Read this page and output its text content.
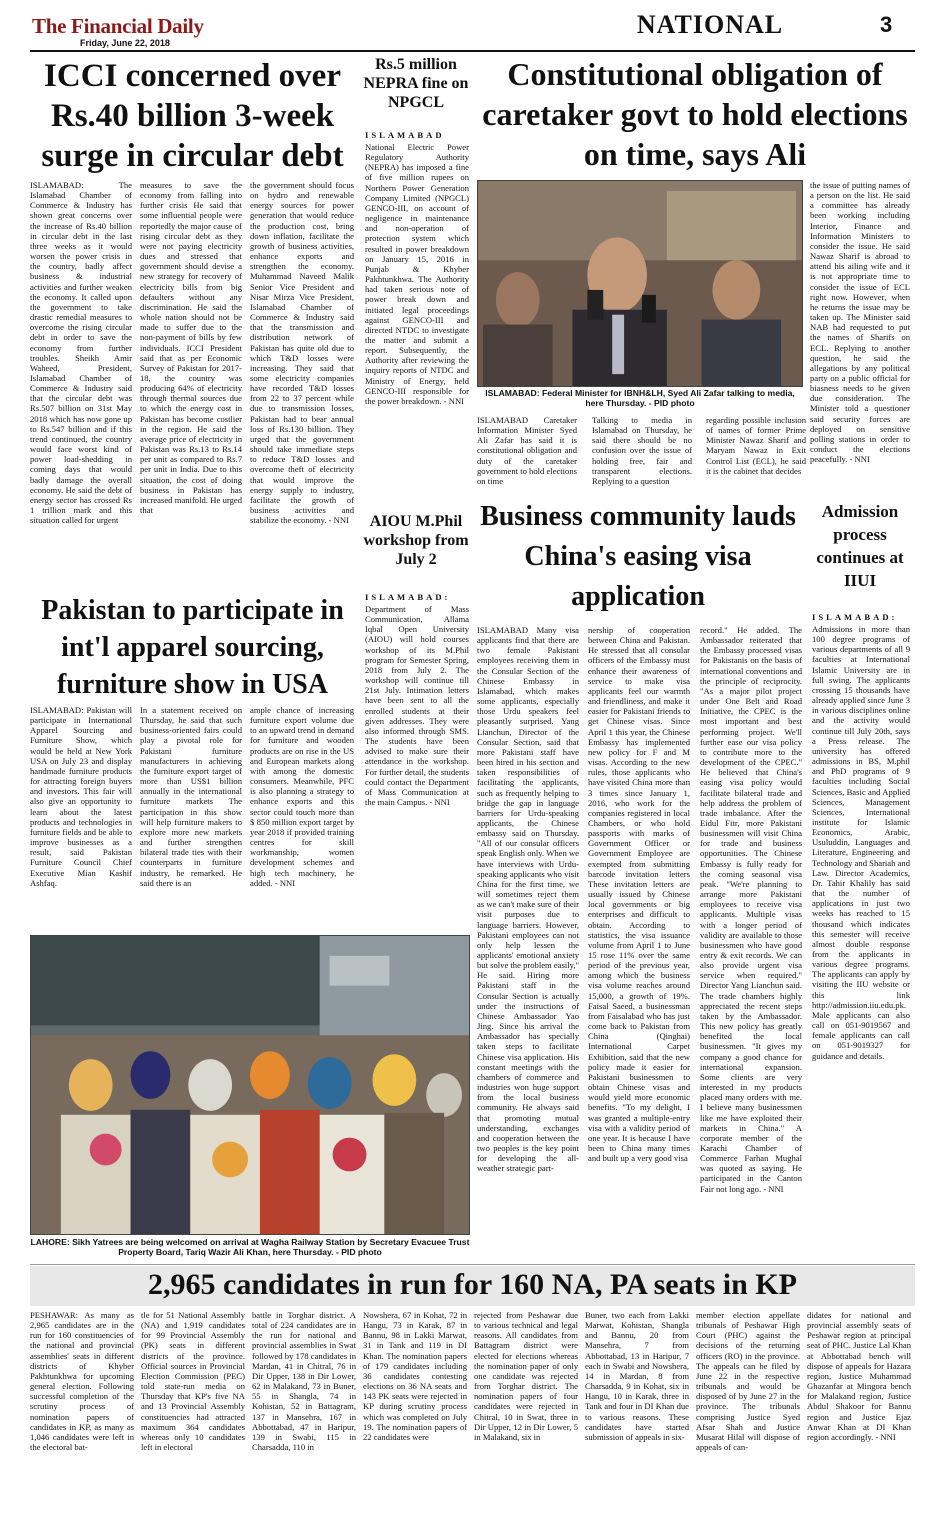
The Financial Daily
Friday, June 22, 2018
NATIONAL	3
ICCI concerned over Rs.40 billion 3-week surge in circular debt
ISLAMABAD: The Islamabad Chamber of Commerce & Industry has shown great concerns over the increase of Rs.40 billion in circular debt in the last three weeks as it would worsen the power crisis in the country, badly affect business & industrial activities and further weaken the economy. It called upon the government to take drastic remedial measures to overcome the rising circular debt in order to save the economy from further troubles. Sheikh Amir Waheed, President, Islamabad Chamber of Commerce & Industry said that the circular debt was Rs.507 billion on 31st May 2018 which has now gone up to Rs.547 billion and if this trend continued, the country would face worst kind of power load-shedding in coming days that would badly damage the overall economy. He said the debt of energy sector has crossed Rs 1 trillion mark and this situation called for urgent
measures to save the economy from falling into further crisis He said that some influential people were reportedly the major cause of rising circular debt as they were not paying electricity dues and stressed that government should devise a new strategy for recovery of electricity bills from big defaulters without any discrimination. He said the whole nation should not be made to suffer due to the non-payment of bills by few individuals. ICCI President said that as per Economic Survey of Pakistan for 2017-18, the country was producing 64% of electricity through thermal sources due to which the energy cost in Pakistan has become costlier in the region. He said the average price of electricity in Pakistan was Rs.13 to Rs.14 per unit as compared to Rs.7 per unit in India. Due to this situation, the cost of doing business in Pakistan has increased manifold. He urged that
the government should focus on hydro and renewable energy sources for power generation that would reduce the production cost, bring down inflation, facilitate the growth of business activities, enhance exports and strengthen the economy. Muhammad Naveed Malik Senior Vice President and Nisar Mirza Vice President, Islamabad Chamber of Commerce & Industry said that the transmission and distribution network of Pakistan has quite old due to which T&D losses were increasing. They said that some electricity companies have recorded T&D losses from 22 to 37 percent while due to transmission losses, Pakistan had to bear annual loss of Rs.130 billion. They urged that the government should take immediate steps to reduce T&D losses and overcome theft of electricity that would improve the energy supply to industry, facilitate the growth of business activities and stabilize the economy. - NNI
Rs.5 million NEPRA fine on NPGCL
ISLAMABAD
National Electric Power Regulatory Authority (NEPRA) has imposed a fine of five million rupees on Northern Power Generation Company Limited (NPGCL) GENCO-III, on account of negligence in maintenance and non-operation of protection system which resulted in power breakdown on January 15, 2016 in Punjab & Khyber Pakhtunkhwa. The Authority had taken serious note of power break down and initiated legal proceedings against GENCO-III and directed NTDC to investigate the matter and submit a report. Subsequently, the Authority after reviewing the inquiry reports of NTDC and Ministry of Energy, held GENCO-III responsible for the power breakdown. - NNI
Constitutional obligation of caretaker govt to hold elections on time, says Ali
ISLAMABAD: Federal Minister for IBNH&LH, Syed Ali Zafar talking to media, here Thursday. - PID photo
ISLAMABAD Caretaker Information Minister Syed Ali Zafar has said it is constitutional obligation and duty of the caretaker government to hold elections on time
Talking to media in Islamabad on Thursday, he said there should be no confusion over the issue of holding free, fair and transparent elections. Replying to a question
regarding possible inclusion of names of former Prime Minister Nawaz Sharif and Maryam Nawaz in Exit Control List (ECL), he said it is the cabinet that decides
the issue of putting names of a person on the list. He said a committee has already been working including Interior, Finance and Information Ministers to consider the issue. He said Nawaz Sharif is abroad to attend his ailing wife and it is not appropriate time to consider the issue of ECL right now. However, when he returns the issue may be taken up. The Minister said NAB had requested to put the names of Sharifs on ECL. Replying to another question, he said the allegations by any political party on a public official for biasness needs to be given due consideration. The Minister told a questioner said security forces are deployed on sensitive polling stations in order to conduct the elections peacefully. - NNI
AIOU M.Phil workshop from July 2
ISLAMABAD:
Department of Mass Communication, Allama Iqbal Open University (AIOU) will hold courses workshop of its M.Phil program for Semester Spring, 2018 from July 2. The workshop will continue till 21st July. Intimation letters have been sent to all the enrolled students at their given addresses. They were also informed through SMS. The students have been advised to make sure their attendance in the workshop. For further detail, the students could contact the Department of Mass Communication at the main Campus. - NNI
Pakistan to participate in int'l apparel sourcing, furniture show in USA
ISLAMABAD: Pakistan will participate in International Apparel Sourcing and Furniture Show, which would be held at New York USA on July 23 and display handmade furniture products for attracting foreign buyers and investors. This fair will also give an opportunity to learn about the latest products and technologies in furniture fields and be able to improve businesses as a result, said Pakistan Furniture Council Chief Executive Mian Kashif Ashfaq.
In a statement received on Thursday, he said that such business-oriented fairs could play a pivotal role for Pakistani furniture manufacturers in achieving the furniture export target of more than US$1 billion annually in the international furniture markets The participation in this show will help furniture makers to explore more new markets and further strengthen bilateral trade ties with their counterparts in furniture industry, he remarked. He said there is an
ample chance of increasing furniture export volume due to an upward trend in demand for furniture and wooden products are on rise in the US and European markets along with among the domestic consumers. Meanwhile, PFC is also planning a strategy to enhance exports and this sector could touch more than $ 850 million export target by year 2018 if provided training centres for skill workmanship, women development schemes and high tech machinery, he added. - NNI
LAHORE: Sikh Yatrees are being welcomed on arrival at Wagha Railway Station by Secretary Evacuee Trust Property Board, Tariq Wazir Ali Khan, here Thursday. - PID photo
Business community lauds China's easing visa application
ISLAMABAD Many visa applicants find that there are two female Pakistani employees receiving them in the Consular Section of the Chinese Embassy in Islamabad, which makes some applicants, especially those Urdu speakers feel pleasantly surprised. Yang Lianchun, Director of the Consular Section, said that more Pakistani staff have been hired in his section and taken responsibilities of facilitating the applicants, such as frequently helping to bridge the gap in language barriers for Urdu-speaking applicants, the Chinese embassy said on Thursday. "All of our consular officers speak English only. When we have interviews with Urdu-speaking applicants who visit China for the first time, we will sometimes reject them as we can't make sure of their visit purposes due to language barriers. However, Pakistani employees can not only help lessen the applicants' emotional anxiety but solve the problem easily," He said. Hiring more Pakistani staff in the Consular Section is actually under the instructions of Chinese Ambassador Yao Jing. Since his arrival the Ambassador has specially taken steps to facilitate Chinese visa application. His constant meetings with the chambers of commerce and industries won huge support from the local business community. He always said that promoting mutual understanding, exchanges and cooperation between the two peoples is the key point for developing the all-weather strategic part-
nership of cooperation between China and Pakistan. He stressed that all consular officers of the Embassy must enhance their awareness of service to make visa applicants feel our warmth and friendliness, and make it easier for Pakistani friends to get Chinese visas. Since April 1 this year, the Chinese Embassy has implemented new policy for F and M visas. According to the new rules, those applicants who have visited China more than 3 times since January 1, 2016, who work for the companies registered in local Chambers, or who hold passports with marks of Government Officer or Government Employee are exempted from submitting barcode invitation letters These invitation letters are usually issued by Chinese local governments or big enterprises and difficult to obtain. According to statistics, the visa issuance volume from April 1 to June 15 rose 11% over the same period of the previous year, among which the business visa volume reaches around 15,000, a growth of 19%. Faisal Saeed, a businessman from Faisalabad who has just come back to Pakistan from China (Qinghai) International Carpet Exhibition, said that the new policy made it easier for Pakistani businessmen to obtain Chinese visas and would yield more economic benefits. "To my delight, I was granted a multiple-entry visa with a validity period of one year. It is because I have been to China many times and built up a very good visa
record." He added. The Ambassador reiterated that the Embassy processed visas for Pakistanis on the basis of international conventions and the principle of reciprocity. "As a major pilot project under One Belt and Road Initiative, the CPEC is the most important and best performing project. We'll further ease our visa policy to contribute more to the development of the CPEC." He believed that China's easing visa policy would facilitate bilateral trade and help address the problem of trade imbalance. After the Eidul Fitr, more Pakistani businessmen will visit China for trade and business opportunities. The Chinese Embassy is fully ready for the coming seasonal visa peak. "We're planning to arrange more Pakistani employees to receive visa applicants. Multiple visas with a longer period of validity are available to those businessmen who have good entry & exit records. We can also provide urgent visa service when required." Director Yang Lianchun said. The trade chambers highly appreciated the recent steps taken by the Ambassador. This new policy has greatly benefited the local businessmen. "It gives my company a good chance for international expansion. Some clients are very interested in my products placed many orders with me. I believe many businessmen like me have exploited their markets in China." A corporate member of the Karachi Chamber of Commerce Farhan Mughal was quoted as saying. He participated in the Canton Fair not long ago. - NNI
Admission process continues at IIUI
ISLAMABAD:
Admissions in more than 100 degree programs of various departments of all 9 faculties at International Islamic University are in full swing. The applicants crossing 15 thousands have already applied since June 3 in various disciplines online and the activity would continue till July 20th, says a Press release. The university has offered admissions in BS, M.phil and PhD programs of 9 faculties including Social Sciences, Basic and Applied Sciences, Management Sciences, International institute for Islamic Economics, Arabic, Usuluddin, Languages and Literature, Engineering and Technology and Shariah and Law. Director Academics, Dr. Tahir Khalily has said that the number of applications in just two weeks has reached to 15 thousand which indicates this semester will receive almost double response from the applicants in various degree programs. The applicants can apply by visiting the IIU website or this link http://admission.iiu.edu.pk. Male applicants can also call on 051-9019567 and female applicants can call on 051-9019327 for guidance and details.
2,965 candidates in run for 160 NA, PA seats in KP
PESHAWAR: As many as 2,965 candidates are in the run for 160 constituencies of the national and provincial assemblies' seats in different districts of Khyber Pakhtunkhwa for upcoming general election. Following successful completion of the scrutiny process of nomination papers of candidates in KP, as many as 1,046 candidates were left in the electoral bat-
tle for 51 National Assembly (NA) and 1,919 candidates for 99 Provincial Assembly (PK) seats in different districts of the province. Official sources in Provincial Election Commission (PEC) told state-run media on Thursday that KP's five NA and 13 Provincial Assembly constituencies had attracted maximum 364 candidates whereas only 10 candidates left in electoral
battle in Torghar district. A total of 224 candidates are in the run for national and provincial assemblies in Swat followed by 178 candidates in Mardan, 41 in Chitral, 76 in Dir Upper, 138 in Dir Lower, 62 in Malakand, 73 in Buner, 55 in Shangla, 74 in Kohistan, 52 in Battagram, 137 in Mansehra, 167 in Abbottabad, 47 in Haripur, 139 in Swabi, 115 in Charsadda, 110 in
Nowshera, 67 in Kohat, 72 in Hangu, 73 in Karak, 87 in Bannu, 98 in Lakki Marwat, 31 in Tank and 119 in DI Khan. The nomination papers of 179 candidates including 36 candidates contesting elections on 36 NA seats and 143 PK seats were rejected in KP during scrutiny process which was completed on July 19. The nomination papers of 22 candidates were
rejected from Peshawar due to various technical and legal reasons. All candidates from Battagram district were elected for elections whereas the nomination paper of only one candidate was rejected from Torghar district. The nomination papers of four candidates were rejected in Chitral, 10 in Swat, three in Dir Upper, 12 in Dir Lower, 5 in Malakand, six in
Buner, two each from Lakki Marwat, Kohistan, Shangla and Bannu, 20 from Mansehra, 7 from Abbottabad, 13 in Haripur, 7 each in Swabi and Nowshera, 14 in Mardan, 8 from Charsadda, 9 in Kohat, six in Hangu, 10 in Karak, three in Tank and four in DI Khan due to various reasons. These candidates have started submission of appeals in six-
member election appellate tribunals of Peshawar High Court (PHC) against the decisions of the returning officers (RO) in the province. The appeals can be filed by June 22 in the respective tribunals and would be disposed of by June 27 in the province. The tribunals comprising Justice Syed Afsar Shah and Justice Musarat Hilal will dispose of appeals of can-
didates for national and provincial assembly seats of Peshawar region at principal seat of PHC. Justice Lal Khan at Abbottabad bench will dispose of appeals for Hazara region, Justice Muhammad Ghazanfar at Mingora bench for Malakand region, Justice Abdul Shakoor for Bannu region and Justice Ejaz Anwar Khan at DI Khan region accordingly. - NNI
